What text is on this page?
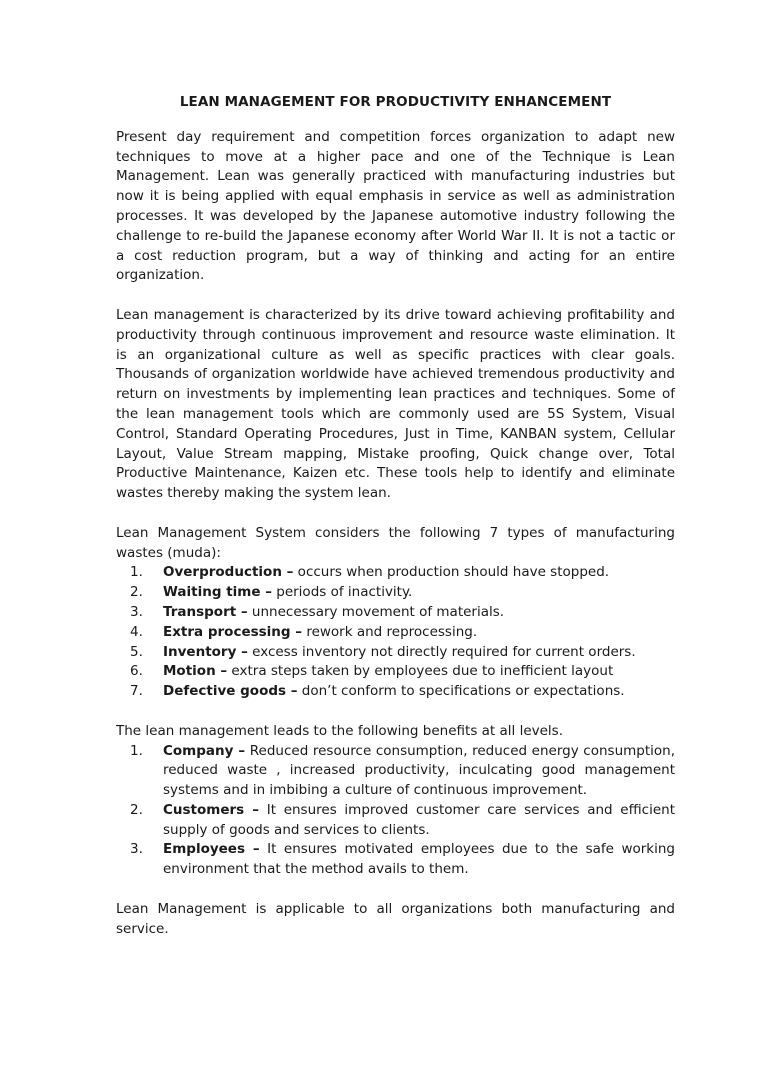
LEAN MANAGEMENT FOR PRODUCTIVITY ENHANCEMENT

Present day requirement and competition forces organization to adapt new techniques to move at a higher pace and one of the Technique is Lean Management. Lean was generally practiced with manufacturing industries but now it is being applied with equal emphasis in service as well as administration processes. It was developed by the Japanese automotive industry following the challenge to re-build the Japanese economy after World War II. It is not a tactic or a cost reduction program, but a way of thinking and acting for an entire organization.

Lean management is characterized by its drive toward achieving profitability and productivity through continuous improvement and resource waste elimination. It is an organizational culture as well as specific practices with clear goals. Thousands of organization worldwide have achieved tremendous productivity and return on investments by implementing lean practices and techniques. Some of the lean management tools which are commonly used are 5S System, Visual Control, Standard Operating Procedures, Just in Time, KANBAN system, Cellular Layout, Value Stream mapping, Mistake proofing, Quick change over, Total Productive Maintenance, Kaizen etc. These tools help to identify and eliminate wastes thereby making the system lean.

Lean Management System considers the following 7 types of manufacturing wastes (muda):

1.	Overproduction – occurs when production should have stopped.
2.	Waiting time – periods of inactivity.
3.	Transport – unnecessary movement of materials.
4.	Extra processing – rework and reprocessing.
5.	Inventory – excess inventory not directly required for current orders.
6.	Motion – extra steps taken by employees due to inefficient layout
7.	Defective goods – don’t conform to specifications or expectations.

The lean management leads to the following benefits at all levels.

1.	Company – Reduced resource consumption, reduced energy consumption, reduced waste , increased productivity, inculcating good management systems and in imbibing a culture of continuous improvement.
2.	Customers – It ensures improved customer care services and efficient supply of goods and services to clients.
3.	Employees – It ensures motivated employees due to the safe working environment that the method avails to them.

Lean Management is applicable to all organizations both manufacturing and service.
